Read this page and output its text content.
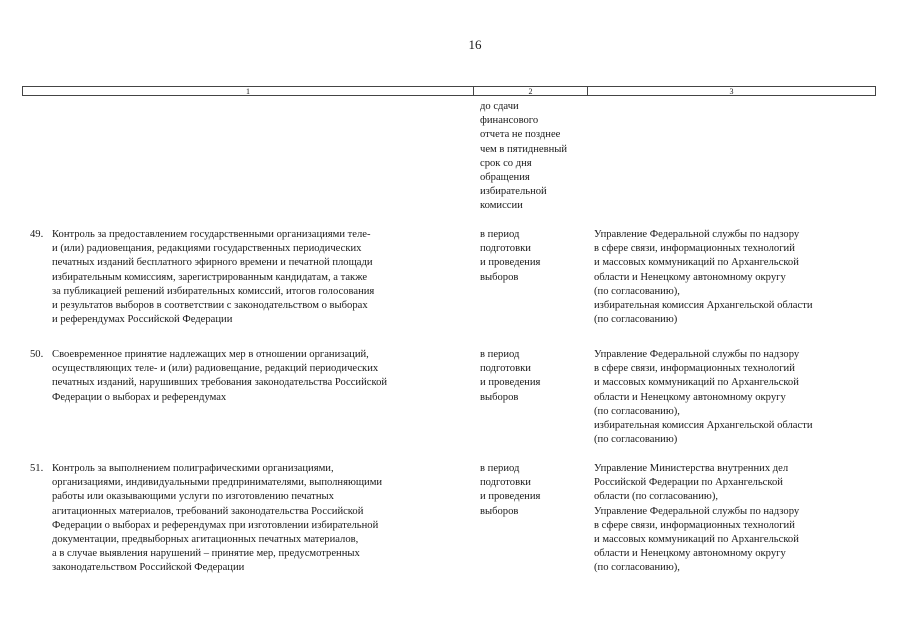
16
1	2	3
до сдачи
финансового
отчета не позднее
чем в пятидневный
срок со дня
обращения
избирательной
комиссии
49. Контроль за предоставлением государственными организациями теле-
и (или) радиовещания, редакциями государственных периодических
печатных изданий бесплатного эфирного времени и печатной площади
избирательным комиссиям, зарегистрированным кандидатам, а также
за публикацией решений избирательных комиссий, итогов голосования
и результатов выборов в соответствии с законодательством о выборах
и референдумах Российской Федерации
в период
подготовки
и проведения
выборов
Управление Федеральной службы по надзору
в сфере связи, информационных технологий
и массовых коммуникаций по Архангельской
области и Ненецкому автономному округу
(по согласованию),
избирательная комиссия Архангельской области
(по согласованию)
50. Своевременное принятие надлежащих мер в отношении организаций,
осуществляющих теле- и (или) радиовещание, редакций периодических
печатных изданий, нарушивших требования законодательства Российской
Федерации о выборах и референдумах
в период
подготовки
и проведения
выборов
Управление Федеральной службы по надзору
в сфере связи, информационных технологий
и массовых коммуникаций по Архангельской
области и Ненецкому автономному округу
(по согласованию),
избирательная комиссия Архангельской области
(по согласованию)
51. Контроль за выполнением полиграфическими организациями,
организациями, индивидуальными предпринимателями, выполняющими
работы или оказывающими услуги по изготовлению печатных
агитационных материалов, требований законодательства Российской
Федерации о выборах и референдумах при изготовлении избирательной
документации, предвыборных агитационных печатных материалов,
а в случае выявления нарушений – принятие мер, предусмотренных
законодательством Российской Федерации
в период
подготовки
и проведения
выборов
Управление Министерства внутренних дел
Российской Федерации по Архангельской
области (по согласованию),
Управление Федеральной службы по надзору
в сфере связи, информационных технологий
и массовых коммуникаций по Архангельской
области и Ненецкому автономному округу
(по согласованию),
